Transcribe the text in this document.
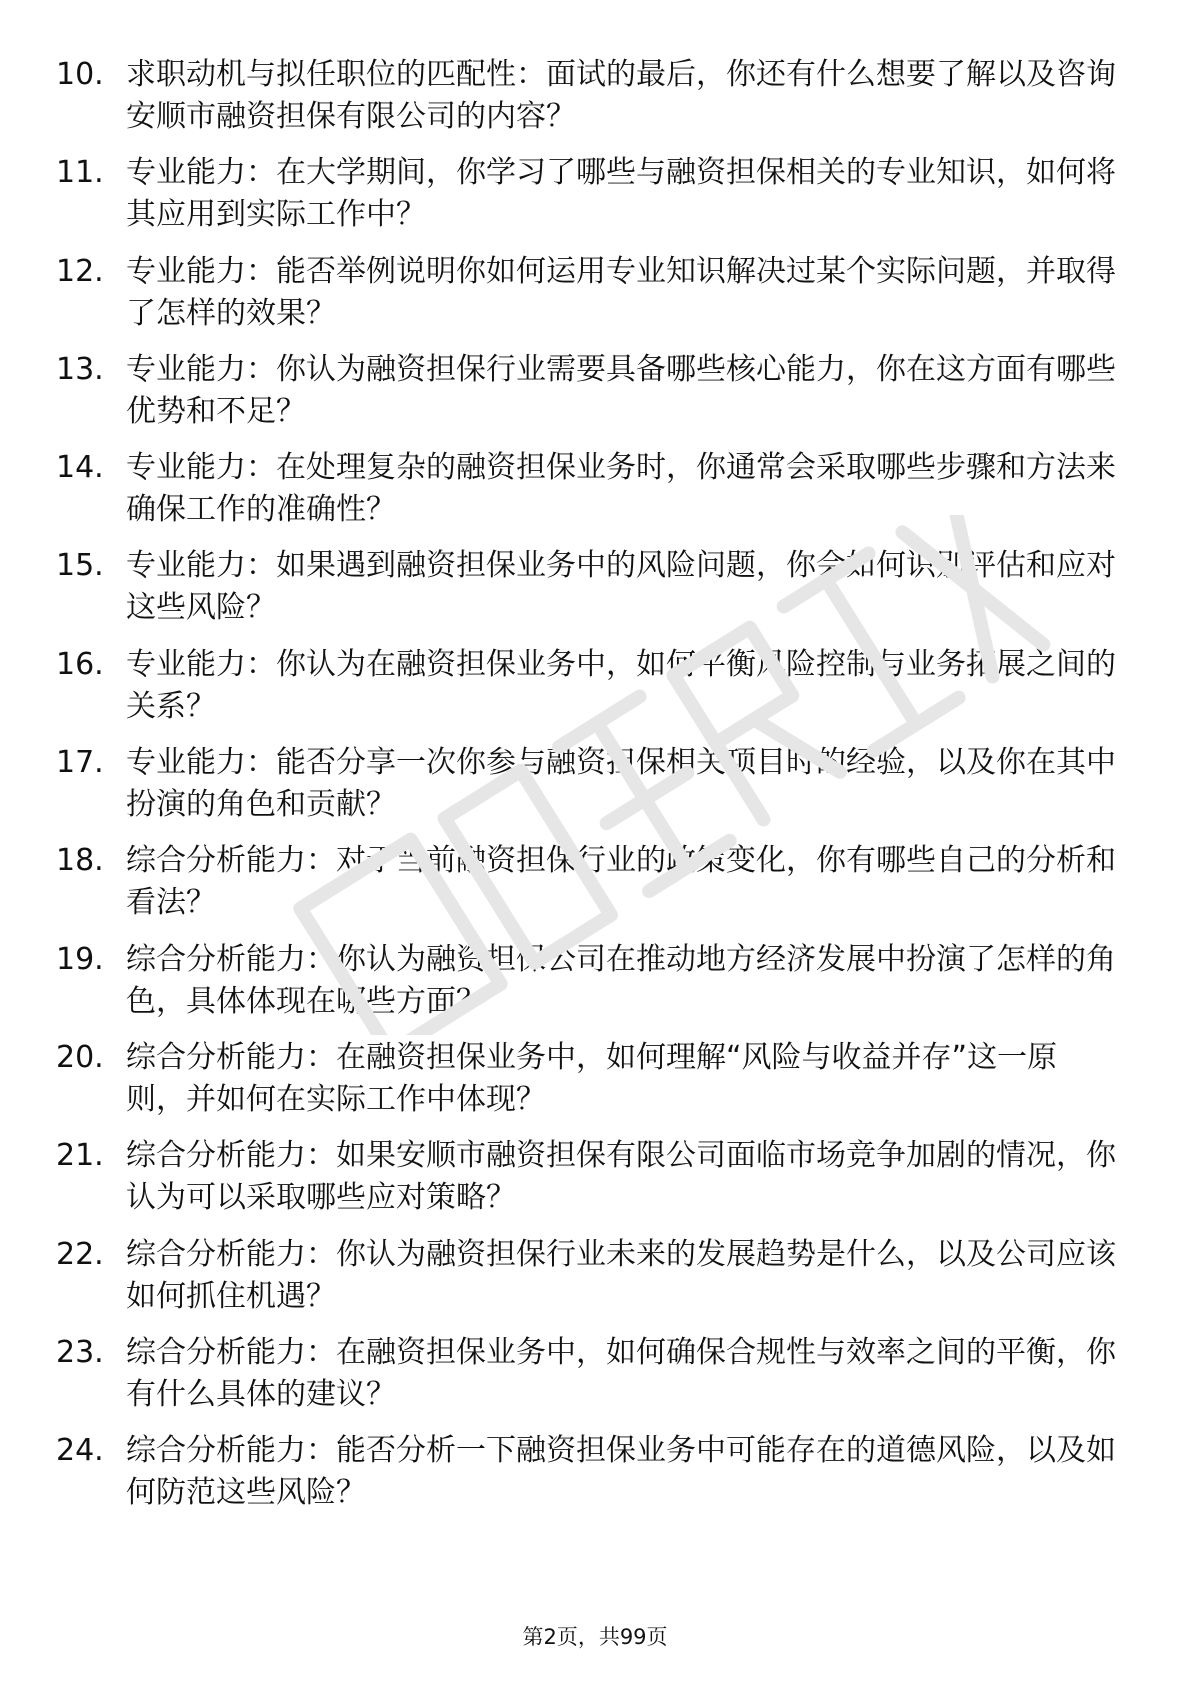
10. 求职动机与拟任职位的匹配性：面试的最后，你还有什么想要了解以及咨询安顺市融资担保有限公司的内容？
11. 专业能力：在大学期间，你学习了哪些与融资担保相关的专业知识，如何将其应用到实际工作中？
12. 专业能力：能否举例说明你如何运用专业知识解决过某个实际问题，并取得了怎样的效果？
13. 专业能力：你认为融资担保行业需要具备哪些核心能力，你在这方面有哪些优势和不足？
14. 专业能力：在处理复杂的融资担保业务时，你通常会采取哪些步骤和方法来确保工作的准确性？
15. 专业能力：如果遇到融资担保业务中的风险问题，你会如何识别评估和应对这些风险？
16. 专业能力：你认为在融资担保业务中，如何平衡风险控制与业务拓展之间的关系？
17. 专业能力：能否分享一次你参与融资担保相关项目时的经验，以及你在其中扮演的角色和贡献？
18. 综合分析能力：对于当前融资担保行业的政策变化，你有哪些自己的分析和看法？
19. 综合分析能力：你认为融资担保公司在推动地方经济发展中扮演了怎样的角色，具体体现在哪些方面？
20. 综合分析能力：在融资担保业务中，如何理解“风险与收益并存”这一原则，并如何在实际工作中体现？
21. 综合分析能力：如果安顺市融资担保有限公司面临市场竞争加剧的情况，你认为可以采取哪些应对策略？
22. 综合分析能力：你认为融资担保行业未来的发展趋势是什么，以及公司应该如何抓住机遇？
23. 综合分析能力：在融资担保业务中，如何确保合规性与效率之间的平衡，你有什么具体的建议？
24. 综合分析能力：能否分析一下融资担保业务中可能存在的道德风险，以及如何防范这些风险？
第2页，共99页
